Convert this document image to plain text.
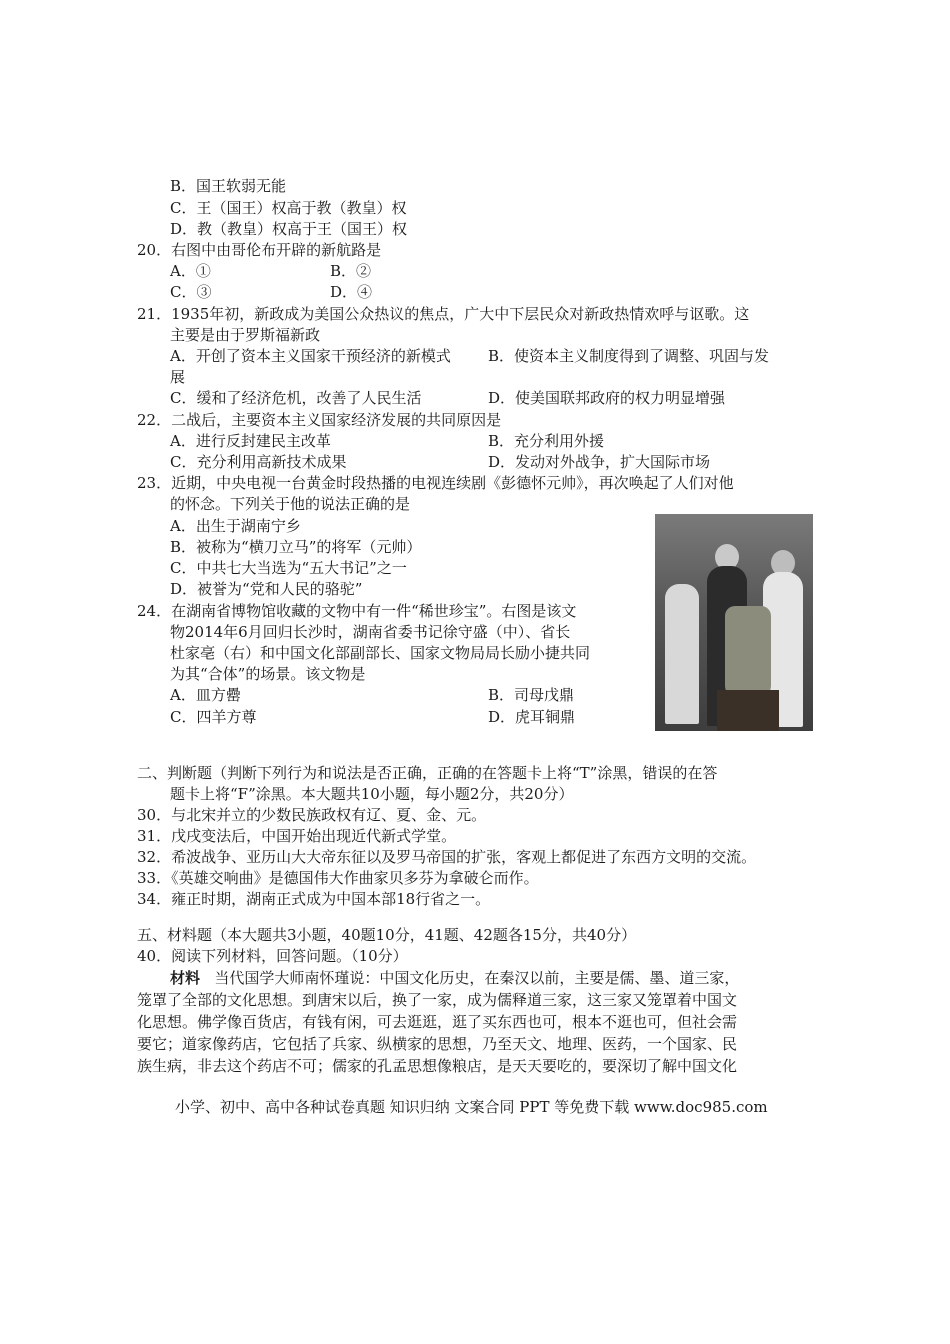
B．国王软弱无能
C．王（国王）权高于教（教皇）权
D．教（教皇）权高于王（国王）权
20．右图中由哥伦布开辟的新航路是
A．①	B．②
C．③	D．④
21．1935年初，新政成为美国公众热议的焦点，广大中下层民众对新政热情欢呼与讴歌。这
主要是由于罗斯福新政
A．开创了资本主义国家干预经济的新模式 B．使资本主义制度得到了调整、巩固与发
展
C．缓和了经济危机，改善了人民生活	D．使美国联邦政府的权力明显增强
22．二战后，主要资本主义国家经济发展的共同原因是
A．进行反封建民主改革	B．充分利用外援
C．充分利用高新技术成果	D．发动对外战争，扩大国际市场
23．近期，中央电视一台黄金时段热播的电视连续剧《彭德怀元帅》，再次唤起了人们对他
的怀念。下列关于他的说法正确的是
A．出生于湖南宁乡
B．被称为“横刀立马”的将军（元帅）
C．中共七大当选为“五大书记”之一
D．被誉为“党和人民的骆驼”
24．在湖南省博物馆收藏的文物中有一件“稀世珍宝”。右图是该文
物2014年6月回归长沙时，湖南省委书记徐守盛（中）、省长
杜家亳（右）和中国文化部副部长、国家文物局局长励小捷共同
为其“合体”的场景。该文物是
A．皿方罍	B．司母戊鼎
C．四羊方尊	D．虎耳铜鼎
二、判断题（判断下列行为和说法是否正确，正确的在答题卡上将“T”涂黑，错误的在答
题卡上将“F”涂黑。本大题共10小题，每小题2分，共20分）
30．与北宋并立的少数民族政权有辽、夏、金、元。
31．戊戌变法后，中国开始出现近代新式学堂。
32．希波战争、亚历山大大帝东征以及罗马帝国的扩张，客观上都促进了东西方文明的交流。
33．《英雄交响曲》是德国伟大作曲家贝多芬为拿破仑而作。
34．雍正时期，湖南正式成为中国本部18行省之一。
五、材料题（本大题共3小题，40题10分，41题、42题各15分，共40分）
40．阅读下列材料，回答问题。（10分）
材料 当代国学大师南怀瑾说：中国文化历史，在秦汉以前，主要是儒、墨、道三家，
笼罩了全部的文化思想。到唐宋以后，换了一家，成为儒释道三家，这三家又笼罩着中国文
化思想。佛学像百货店，有钱有闲，可去逛逛，逛了买东西也可，根本不逛也可，但社会需
要它；道家像药店，它包括了兵家、纵横家的思想，乃至天文、地理、医药，一个国家、民
族生病，非去这个药店不可；儒家的孔孟思想像粮店，是天天要吃的，要深切了解中国文化
小学、初中、高中各种试卷真题 知识归纳 文案合同 PPT 等免费下载 www.doc985.com
